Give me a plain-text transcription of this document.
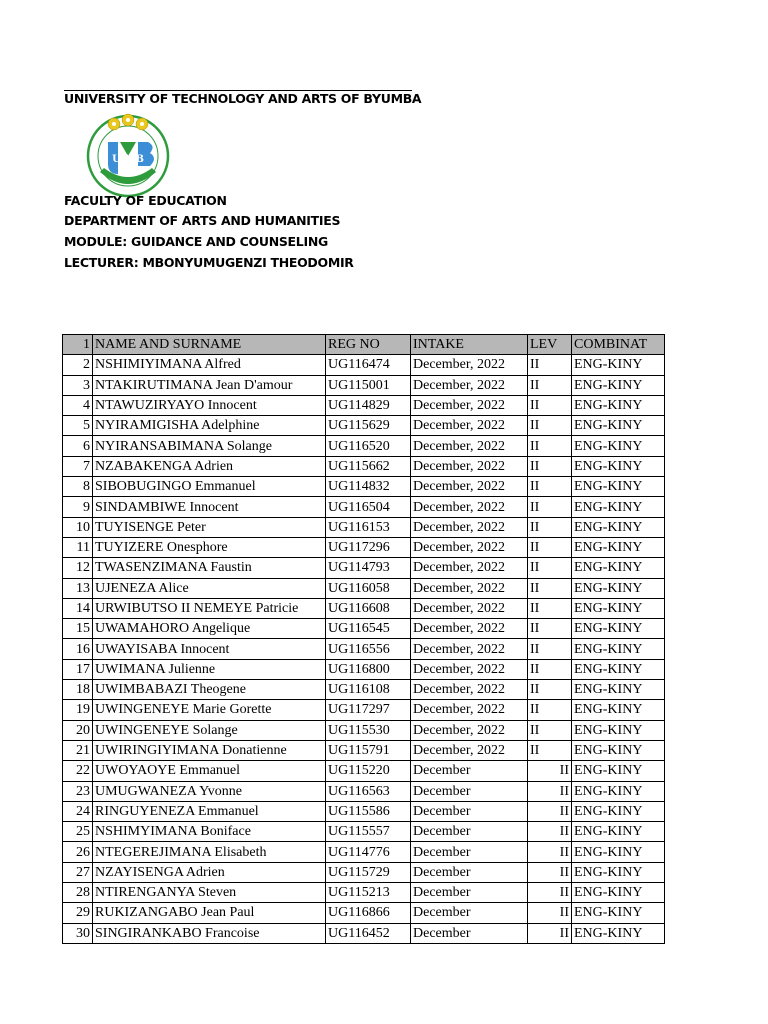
UNIVERSITY OF TECHNOLOGY AND ARTS OF BYUMBA
UTAB
FACULTY OF EDUCATION
DEPARTMENT OF ARTS AND HUMANITIES
MODULE: GUIDANCE AND COUNSELING
LECTURER: MBONYUMUGENZI THEODOMIR
1	NAME AND SURNAME	REG NO	INTAKE	LEV	COMBINAT
2	NSHIMIYIMANA Alfred	UG116474	December, 2022	II	ENG-KINY
3	NTAKIRUTIMANA Jean D'amour	UG115001	December, 2022	II	ENG-KINY
4	NTAWUZIRYAYO Innocent	UG114829	December, 2022	II	ENG-KINY
5	NYIRAMIGISHA Adelphine	UG115629	December, 2022	II	ENG-KINY
6	NYIRANSABIMANA Solange	UG116520	December, 2022	II	ENG-KINY
7	NZABAKENGA Adrien	UG115662	December, 2022	II	ENG-KINY
8	SIBOBUGINGO Emmanuel	UG114832	December, 2022	II	ENG-KINY
9	SINDAMBIWE Innocent	UG116504	December, 2022	II	ENG-KINY
10	TUYISENGE Peter	UG116153	December, 2022	II	ENG-KINY
11	TUYIZERE Onesphore	UG117296	December, 2022	II	ENG-KINY
12	TWASENZIMANA Faustin	UG114793	December, 2022	II	ENG-KINY
13	UJENEZA Alice	UG116058	December, 2022	II	ENG-KINY
14	URWIBUTSO II NEMEYE Patricie	UG116608	December, 2022	II	ENG-KINY
15	UWAMAHORO Angelique	UG116545	December, 2022	II	ENG-KINY
16	UWAYISABA Innocent	UG116556	December, 2022	II	ENG-KINY
17	UWIMANA Julienne	UG116800	December, 2022	II	ENG-KINY
18	UWIMBABAZI Theogene	UG116108	December, 2022	II	ENG-KINY
19	UWINGENEYE Marie Gorette	UG117297	December, 2022	II	ENG-KINY
20	UWINGENEYE Solange	UG115530	December, 2022	II	ENG-KINY
21	UWIRINGIYIMANA Donatienne	UG115791	December, 2022	II	ENG-KINY
22	UWOYAOYE Emmanuel	UG115220	December	II	ENG-KINY
23	UMUGWANEZA Yvonne	UG116563	December	II	ENG-KINY
24	RINGUYENEZA Emmanuel	UG115586	December	II	ENG-KINY
25	NSHIMYIMANA Boniface	UG115557	December	II	ENG-KINY
26	NTEGEREJIMANA Elisabeth	UG114776	December	II	ENG-KINY
27	NZAYISENGA Adrien	UG115729	December	II	ENG-KINY
28	NTIRENGANYA Steven	UG115213	December	II	ENG-KINY
29	RUKIZANGABO Jean Paul	UG116866	December	II	ENG-KINY
30	SINGIRANKABO Francoise	UG116452	December	II	ENG-KINY
